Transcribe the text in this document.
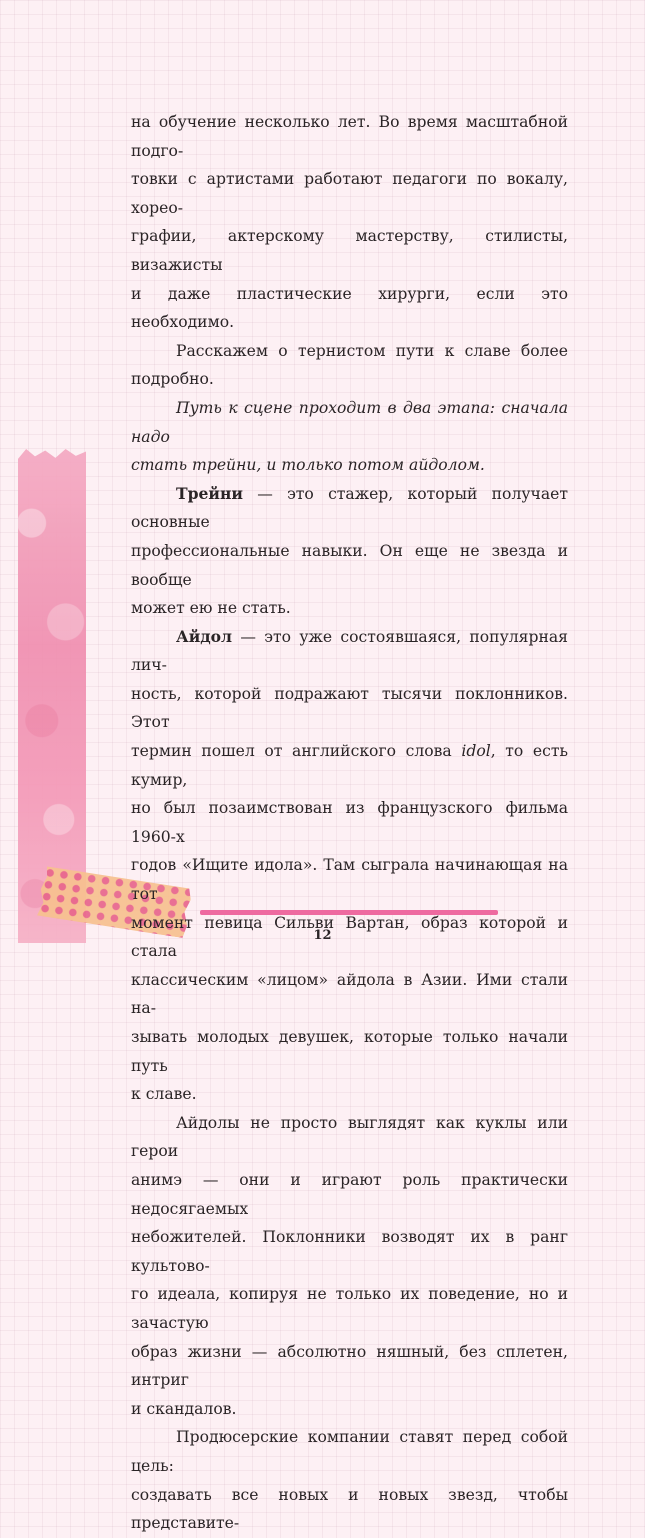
на обучение несколько лет. Во время масштабной подго-
товки с артистами работают педагоги по вокалу, хорео-
графии, актерскому мастерству, стилисты, визажисты
и даже пластические хирурги, если это необходимо.

Расскажем о тернистом пути к славе более
подробно.

Путь к сцене проходит в два этапа: сначала надо
стать трейни, и только потом айдолом.

Трейни — это стажер, который получает основные
профессиональные навыки. Он еще не звезда и вообще
может ею не стать.

Айдол — это уже состоявшаяся, популярная лич-
ность, которой подражают тысячи поклонников. Этот
термин пошел от английского слова idol, то есть кумир,
но был позаимствован из французского фильма 1960-х
годов «Ищите идола». Там сыграла начинающая на тот
момент певица Сильви Вартан, образ которой и стала
классическим «лицом» айдола в Азии. Ими стали на-
зывать молодых девушек, которые только начали путь
к славе.

Айдолы не просто выглядят как куклы или герои
анимэ — они и играют роль практически недосягаемых
небожителей. Поклонники возводят их в ранг культово-
го идеала, копируя не только их поведение, но и зачастую
образ жизни — абсолютно няшный, без сплетен, интриг
и скандалов.

Продюсерские компании ставят перед собой цель:
создавать все новых и новых звезд, чтобы представите-

12
